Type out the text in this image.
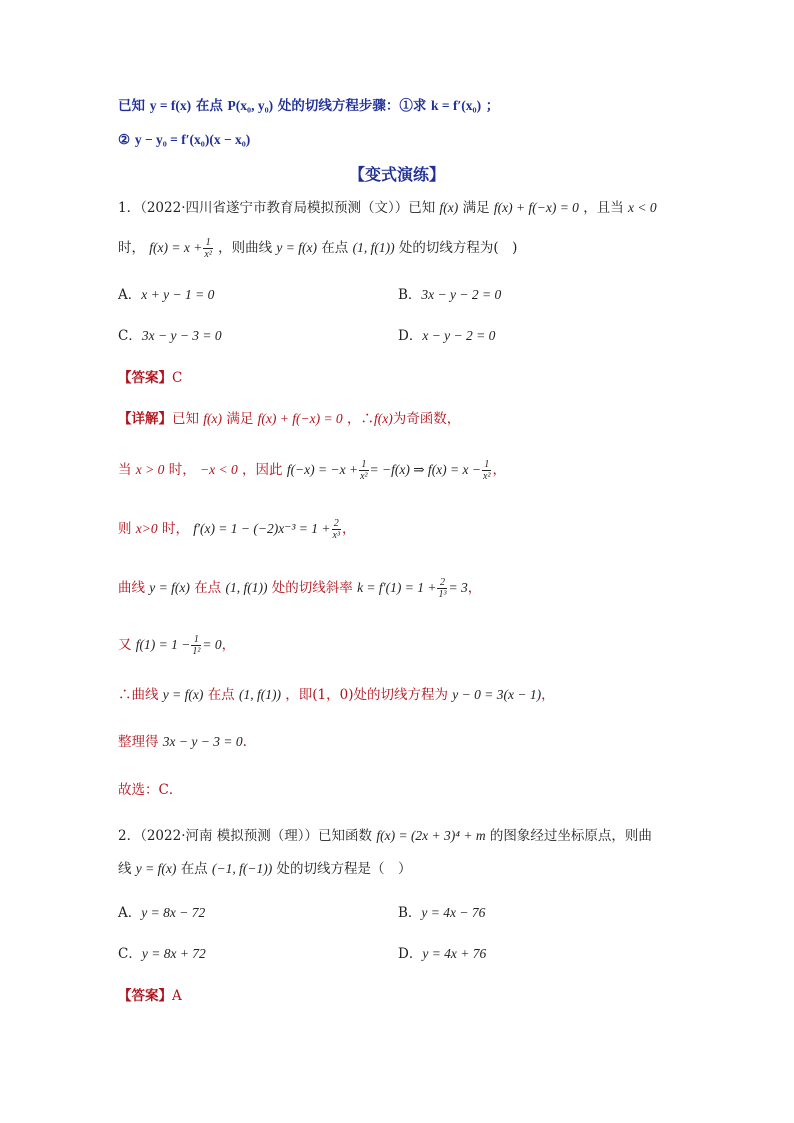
已知 y = f(x) 在点 P(x₀, y₀) 处的切线方程步骤：①求 k = f′(x₀) ；
② y − y₀ = f′(x₀)(x − x₀)
【变式演练】
1．（2022·四川省遂宁市教育局模拟预测（文））已知 f(x) 满足 f(x) + f(−x) = 0 ，且当 x < 0
时， $f(x) = x + \frac{1}{\text{x²}}$ ，则曲线 y = f(x) 在点 (1, f(1)) 处的切线方程为(　)
A．x + y − 1 = 0	B．3x − y − 2 = 0
C．3x − y − 3 = 0	D．x − y − 2 = 0
【答案】C
【详解】已知 f(x) 满足 f(x) + f(−x) = 0 ，∴f(x)为奇函数，
当 x > 0 时， −x < 0 ，因此 $f(-x) = -x + \frac{1}{\text{x²}} = -f(x)$ ⇒ $f(x) = x - \frac{1}{\text{x²}}$ ，
则 x>0 时， $f'(x) = 1 - (-2)x^{-3} = 1 + \frac{2}{\text{x³}}$ ，
曲线 y = f(x) 在点 (1, f(1)) 处的切线斜率 $k = f'(1) = 1 + \frac{2}{\text{1³}} = 3$，
又 $f(1) = 1 - \frac{1}{\text{1²}} = 0$，
∴曲线 y = f(x) 在点 (1, f(1)) ，即(1，0)处的切线方程为 y − 0 = 3(x − 1)，
整理得 3x − y − 3 = 0.
故选：C．
2．（2022·河南 模拟预测（理））已知函数 f(x) = (2x + 3)⁴ + m 的图象经过坐标原点，则曲
线 y = f(x) 在点 (−1, f(−1)) 处的切线方程是（　）
A．y = 8x − 72	B．y = 4x − 76
C．y = 8x + 72	D．y = 4x + 76
【答案】A
